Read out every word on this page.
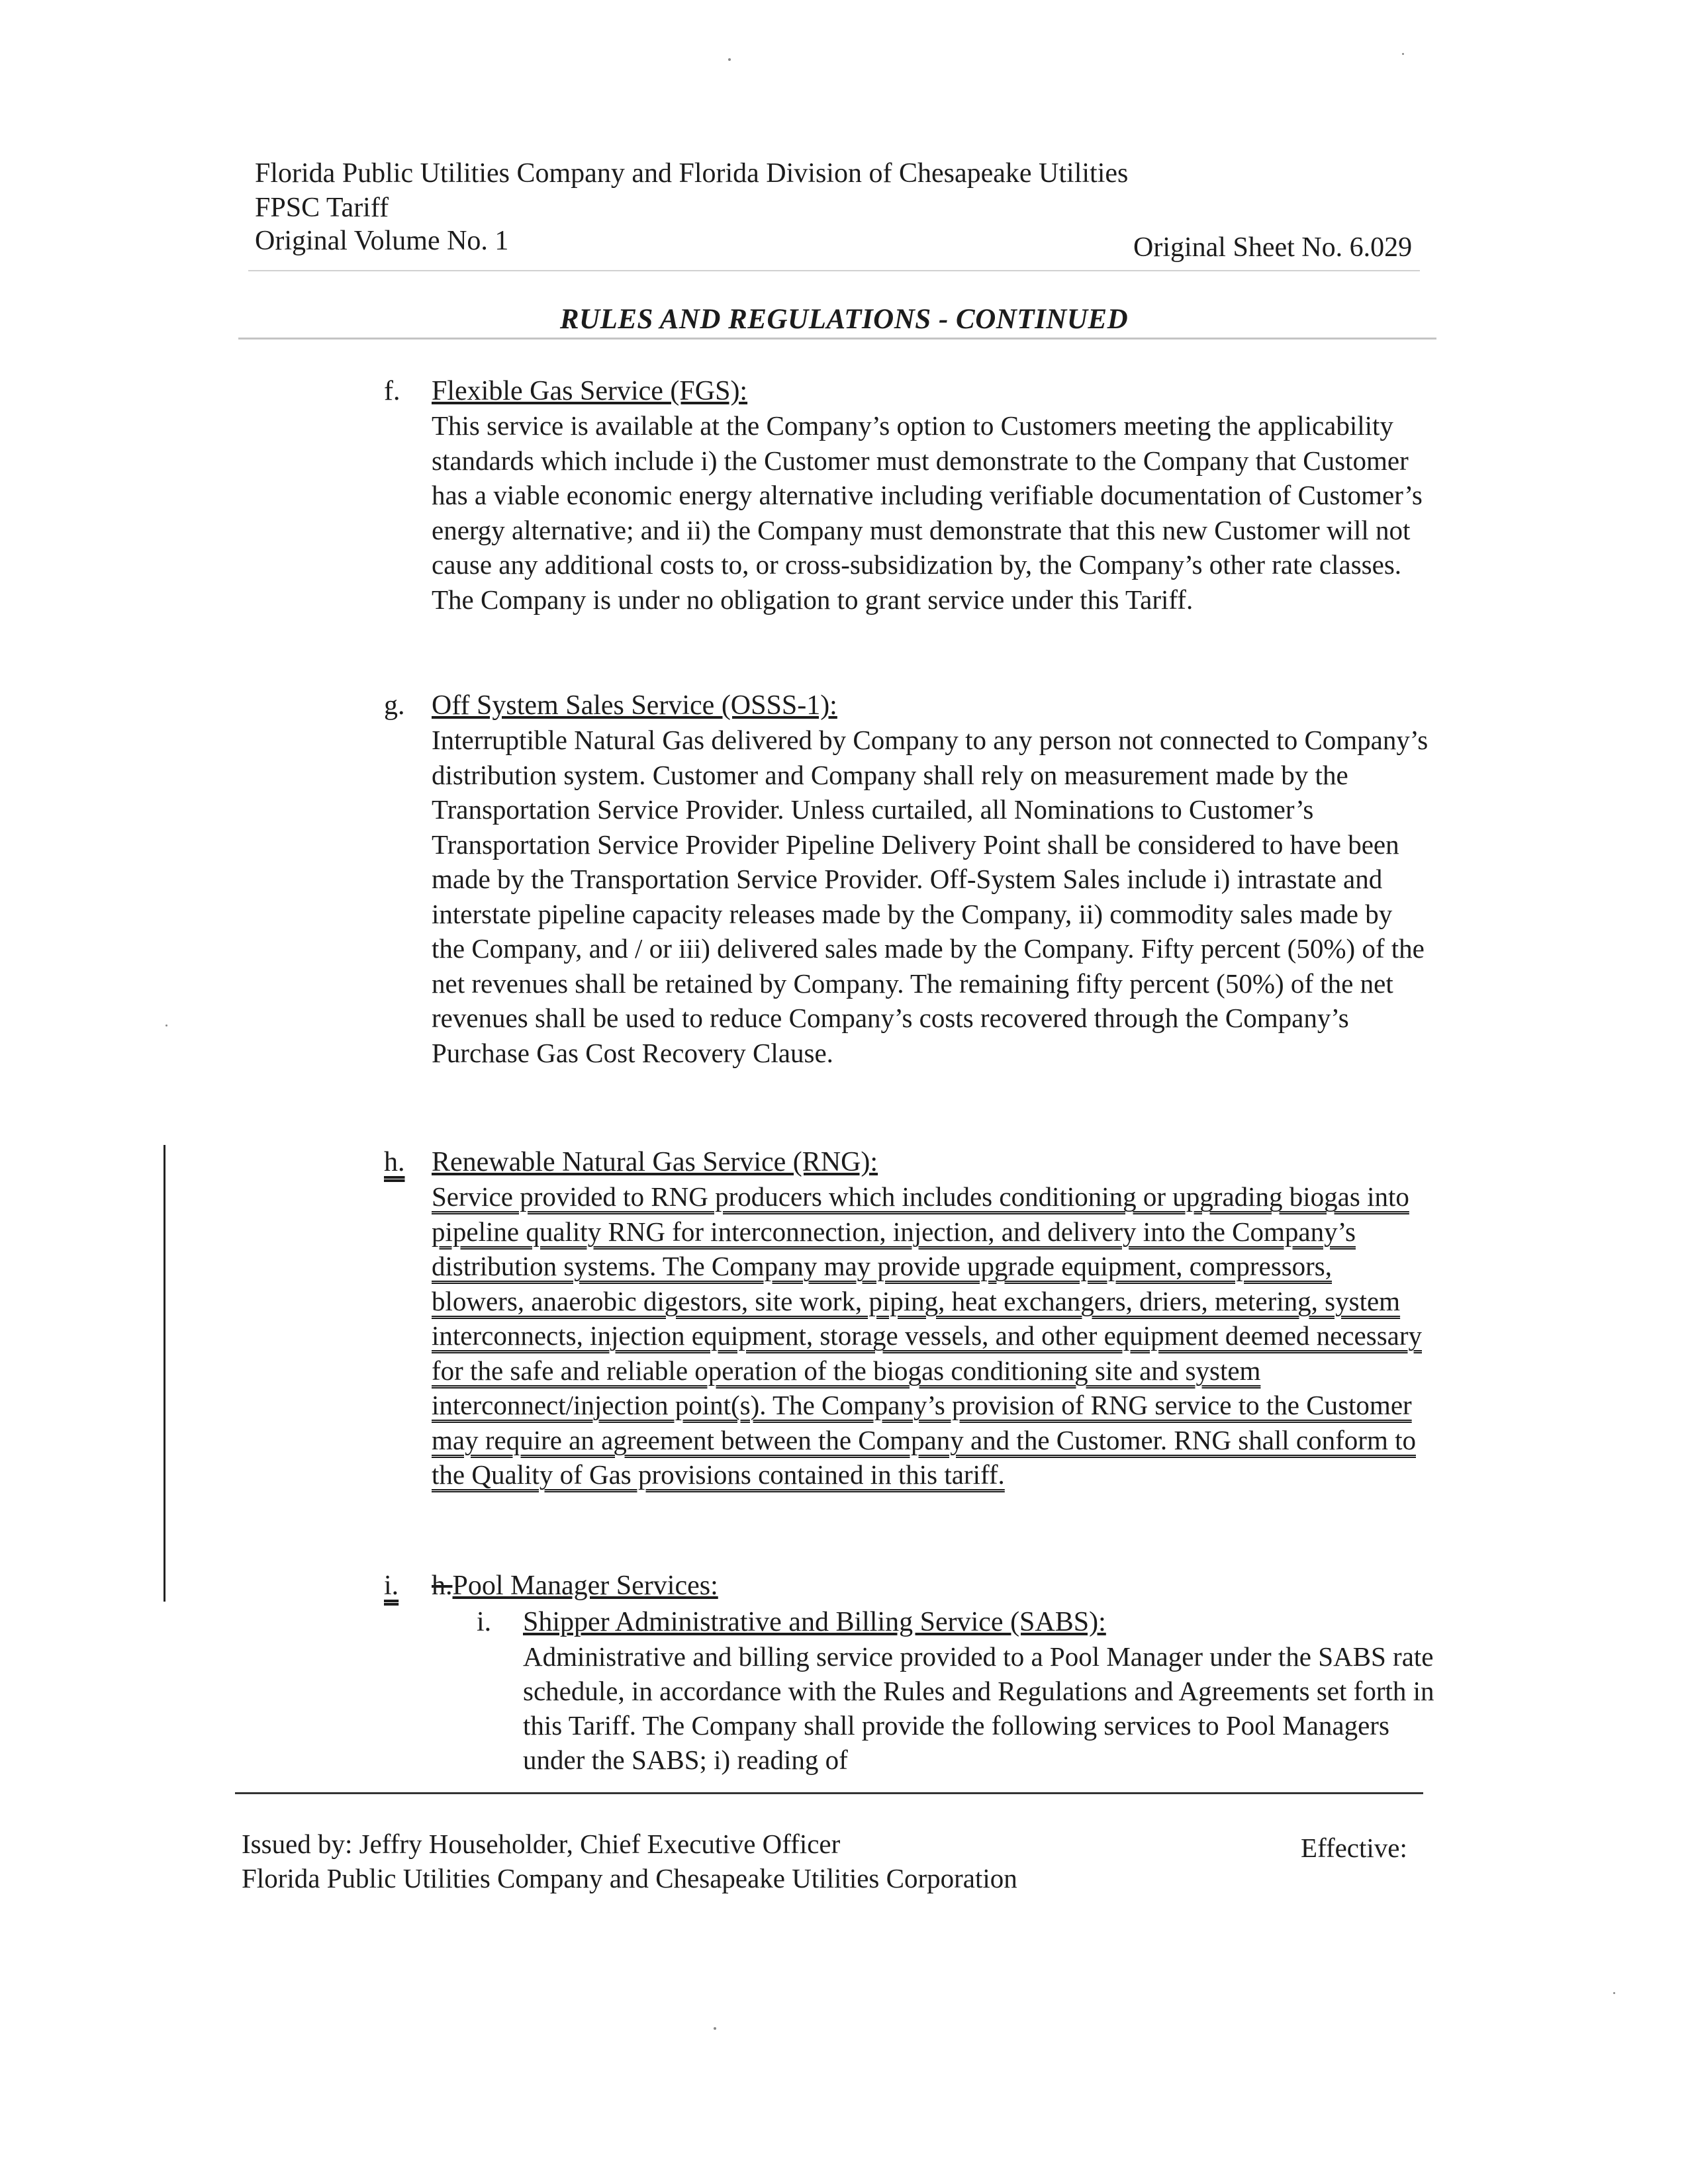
Florida Public Utilities Company and Florida Division of Chesapeake Utilities
FPSC Tariff
Original Volume No. 1	Original Sheet No. 6.029
RULES AND REGULATIONS - CONTINUED
f. Flexible Gas Service (FGS):
This service is available at the Company’s option to Customers meeting the applicability standards which include i) the Customer must demonstrate to the Company that Customer has a viable economic energy alternative including verifiable documentation of Customer’s energy alternative; and ii) the Company must demonstrate that this new Customer will not cause any additional costs to, or cross-subsidization by, the Company’s other rate classes. The Company is under no obligation to grant service under this Tariff.
g. Off System Sales Service (OSSS-1):
Interruptible Natural Gas delivered by Company to any person not connected to Company’s distribution system. Customer and Company shall rely on measurement made by the Transportation Service Provider. Unless curtailed, all Nominations to Customer’s Transportation Service Provider Pipeline Delivery Point shall be considered to have been made by the Transportation Service Provider. Off-System Sales include i) intrastate and interstate pipeline capacity releases made by the Company, ii) commodity sales made by the Company, and / or iii) delivered sales made by the Company. Fifty percent (50%) of the net revenues shall be retained by Company. The remaining fifty percent (50%) of the net revenues shall be used to reduce Company’s costs recovered through the Company’s Purchase Gas Cost Recovery Clause.
h. Renewable Natural Gas Service (RNG):
Service provided to RNG producers which includes conditioning or upgrading biogas into pipeline quality RNG for interconnection, injection, and delivery into the Company’s distribution systems. The Company may provide upgrade equipment, compressors, blowers, anaerobic digestors, site work, piping, heat exchangers, driers, metering, system interconnects, injection equipment, storage vessels, and other equipment deemed necessary for the safe and reliable operation of the biogas conditioning site and system interconnect/injection point(s). The Company’s provision of RNG service to the Customer may require an agreement between the Company and the Customer. RNG shall conform to the Quality of Gas provisions contained in this tariff.
i. h.Pool Manager Services:
i. Shipper Administrative and Billing Service (SABS):
Administrative and billing service provided to a Pool Manager under the SABS rate schedule, in accordance with the Rules and Regulations and Agreements set forth in this Tariff. The Company shall provide the following services to Pool Managers under the SABS; i) reading of
Issued by: Jeffry Householder, Chief Executive Officer
Florida Public Utilities Company and Chesapeake Utilities Corporation
Effective:
